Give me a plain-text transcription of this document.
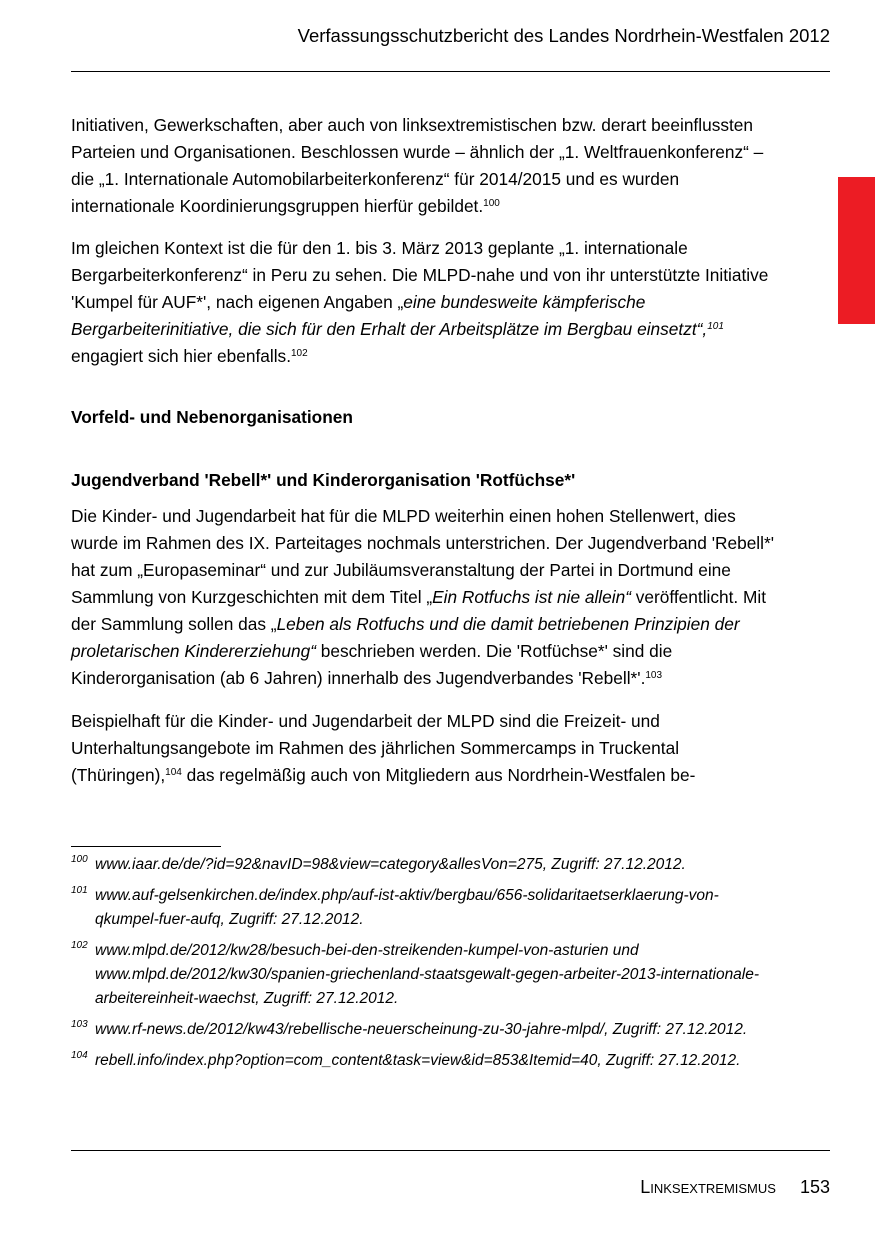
Verfassungsschutzbericht des Landes Nordrhein-Westfalen 2012

Initiativen, Gewerkschaften, aber auch von linksextremistischen bzw. derart beeinflussten Parteien und Organisationen. Beschlossen wurde – ähnlich der „1. Weltfrauenkonferenz“ – die „1. Internationale Automobilarbeiterkonferenz“ für 2014/2015 und es wurden internationale Koordinierungsgruppen hierfür gebildet.$^{100}$

Im gleichen Kontext ist die für den 1. bis 3. März 2013 geplante „1. internationale Bergarbeiterkonferenz“ in Peru zu sehen. Die MLPD-nahe und von ihr unterstützte Initiative 'Kumpel für AUF*', nach eigenen Angaben „eine bundesweite kämpferische Bergarbeiterinitiative, die sich für den Erhalt der Arbeitsplätze im Bergbau einsetzt“,$^{101}$ engagiert sich hier ebenfalls.$^{102}$

Vorfeld- und Nebenorganisationen

Jugendverband 'Rebell*' und Kinderorganisation 'Rotfüchse*'

Die Kinder- und Jugendarbeit hat für die MLPD weiterhin einen hohen Stellenwert, dies wurde im Rahmen des IX. Parteitages nochmals unterstrichen. Der Jugendverband 'Rebell*' hat zum „Europaseminar“ und zur Jubiläumsveranstaltung der Partei in Dortmund eine Sammlung von Kurzgeschichten mit dem Titel „Ein Rotfuchs ist nie allein“ veröffentlicht. Mit der Sammlung sollen das „Leben als Rotfuchs und die damit betriebenen Prinzipien der proletarischen Kindererziehung“ beschrieben werden. Die 'Rotfüchse*' sind die Kinderorganisation (ab 6 Jahren) innerhalb des Jugendverbandes 'Rebell*'.$^{103}$

Beispielhaft für die Kinder- und Jugendarbeit der MLPD sind die Freizeit- und Unterhaltungsangebote im Rahmen des jährlichen Sommercamps in Truckental (Thüringen),$^{104}$ das regelmäßig auch von Mitgliedern aus Nordrhein-Westfalen be-

100 www.iaar.de/de/?id=92&navID=98&view=category&allesVon=275, Zugriff: 27.12.2012.
101 www.auf-gelsenkirchen.de/index.php/auf-ist-aktiv/bergbau/656-solidaritaetserklaerung-von-qkumpel-fuer-aufq, Zugriff: 27.12.2012.
102 www.mlpd.de/2012/kw28/besuch-bei-den-streikenden-kumpel-von-asturien und www.mlpd.de/2012/kw30/spanien-griechenland-staatsgewalt-gegen-arbeiter-2013-internationale-arbeitereinheit-waechst, Zugriff: 27.12.2012.
103 www.rf-news.de/2012/kw43/rebellische-neuerscheinung-zu-30-jahre-mlpd/, Zugriff: 27.12.2012.
104 rebell.info/index.php?option=com_content&task=view&id=853&Itemid=40, Zugriff: 27.12.2012.
Linksextremismus 153
